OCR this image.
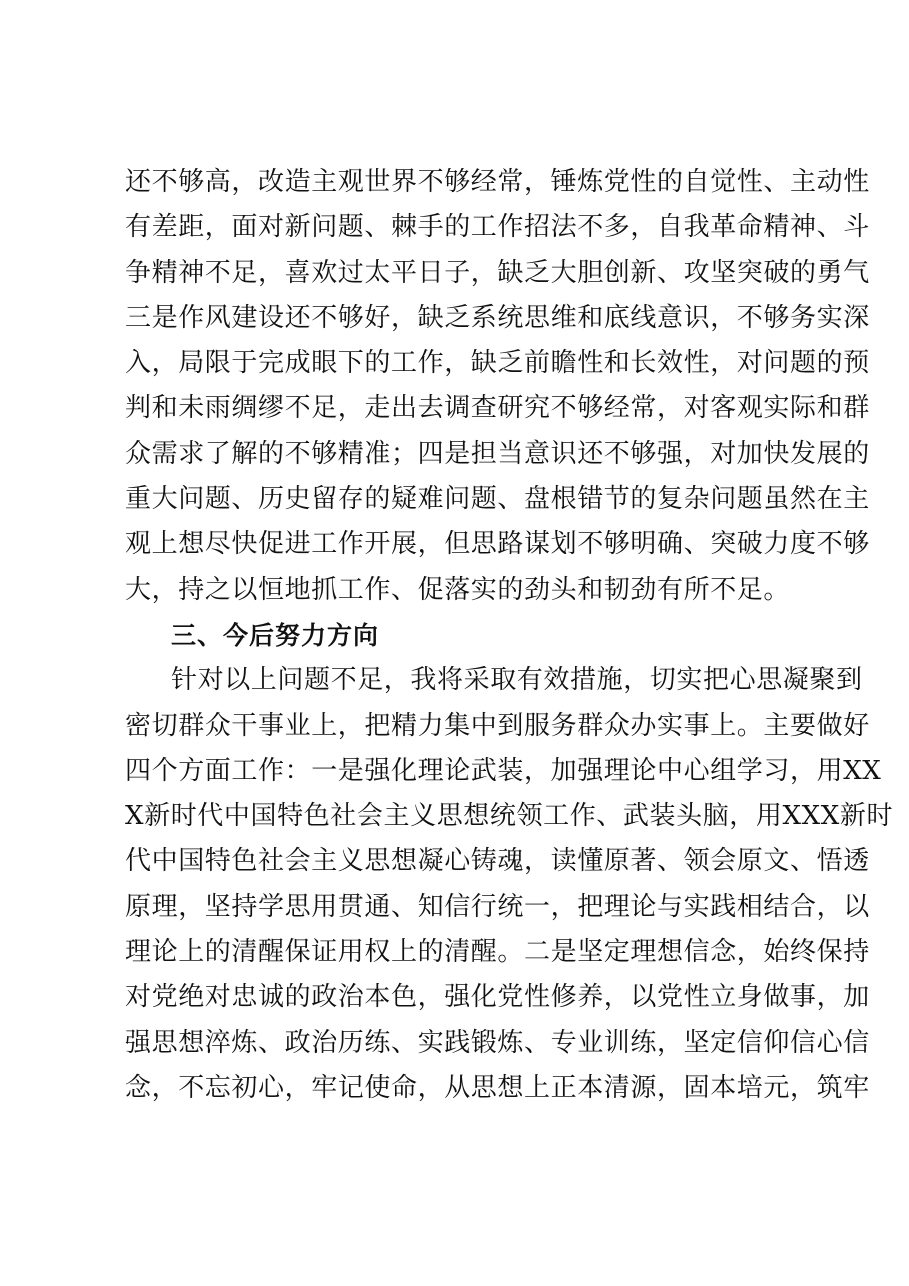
还不够高，改造主观世界不够经常，锤炼党性的自觉性、主动性
有差距，面对新问题、棘手的工作招法不多，自我革命精神、斗
争精神不足，喜欢过太平日子，缺乏大胆创新、攻坚突破的勇气
三是作风建设还不够好，缺乏系统思维和底线意识，不够务实深
入，局限于完成眼下的工作，缺乏前瞻性和长效性，对问题的预
判和未雨绸缪不足，走出去调查研究不够经常，对客观实际和群
众需求了解的不够精准；四是担当意识还不够强，对加快发展的
重大问题、历史留存的疑难问题、盘根错节的复杂问题虽然在主
观上想尽快促进工作开展，但思路谋划不够明确、突破力度不够
大，持之以恒地抓工作、促落实的劲头和韧劲有所不足。
三、今后努力方向
针对以上问题不足，我将采取有效措施，切实把心思凝聚到
密切群众干事业上，把精力集中到服务群众办实事上。主要做好
四个方面工作：一是强化理论武装，加强理论中心组学习，用XX
X新时代中国特色社会主义思想统领工作、武装头脑，用XXX新时
代中国特色社会主义思想凝心铸魂，读懂原著、领会原文、悟透
原理，坚持学思用贯通、知信行统一，把理论与实践相结合，以
理论上的清醒保证用权上的清醒。二是坚定理想信念，始终保持
对党绝对忠诚的政治本色，强化党性修养，以党性立身做事，加
强思想淬炼、政治历练、实践锻炼、专业训练，坚定信仰信心信
念，不忘初心，牢记使命，从思想上正本清源，固本培元，筑牢
